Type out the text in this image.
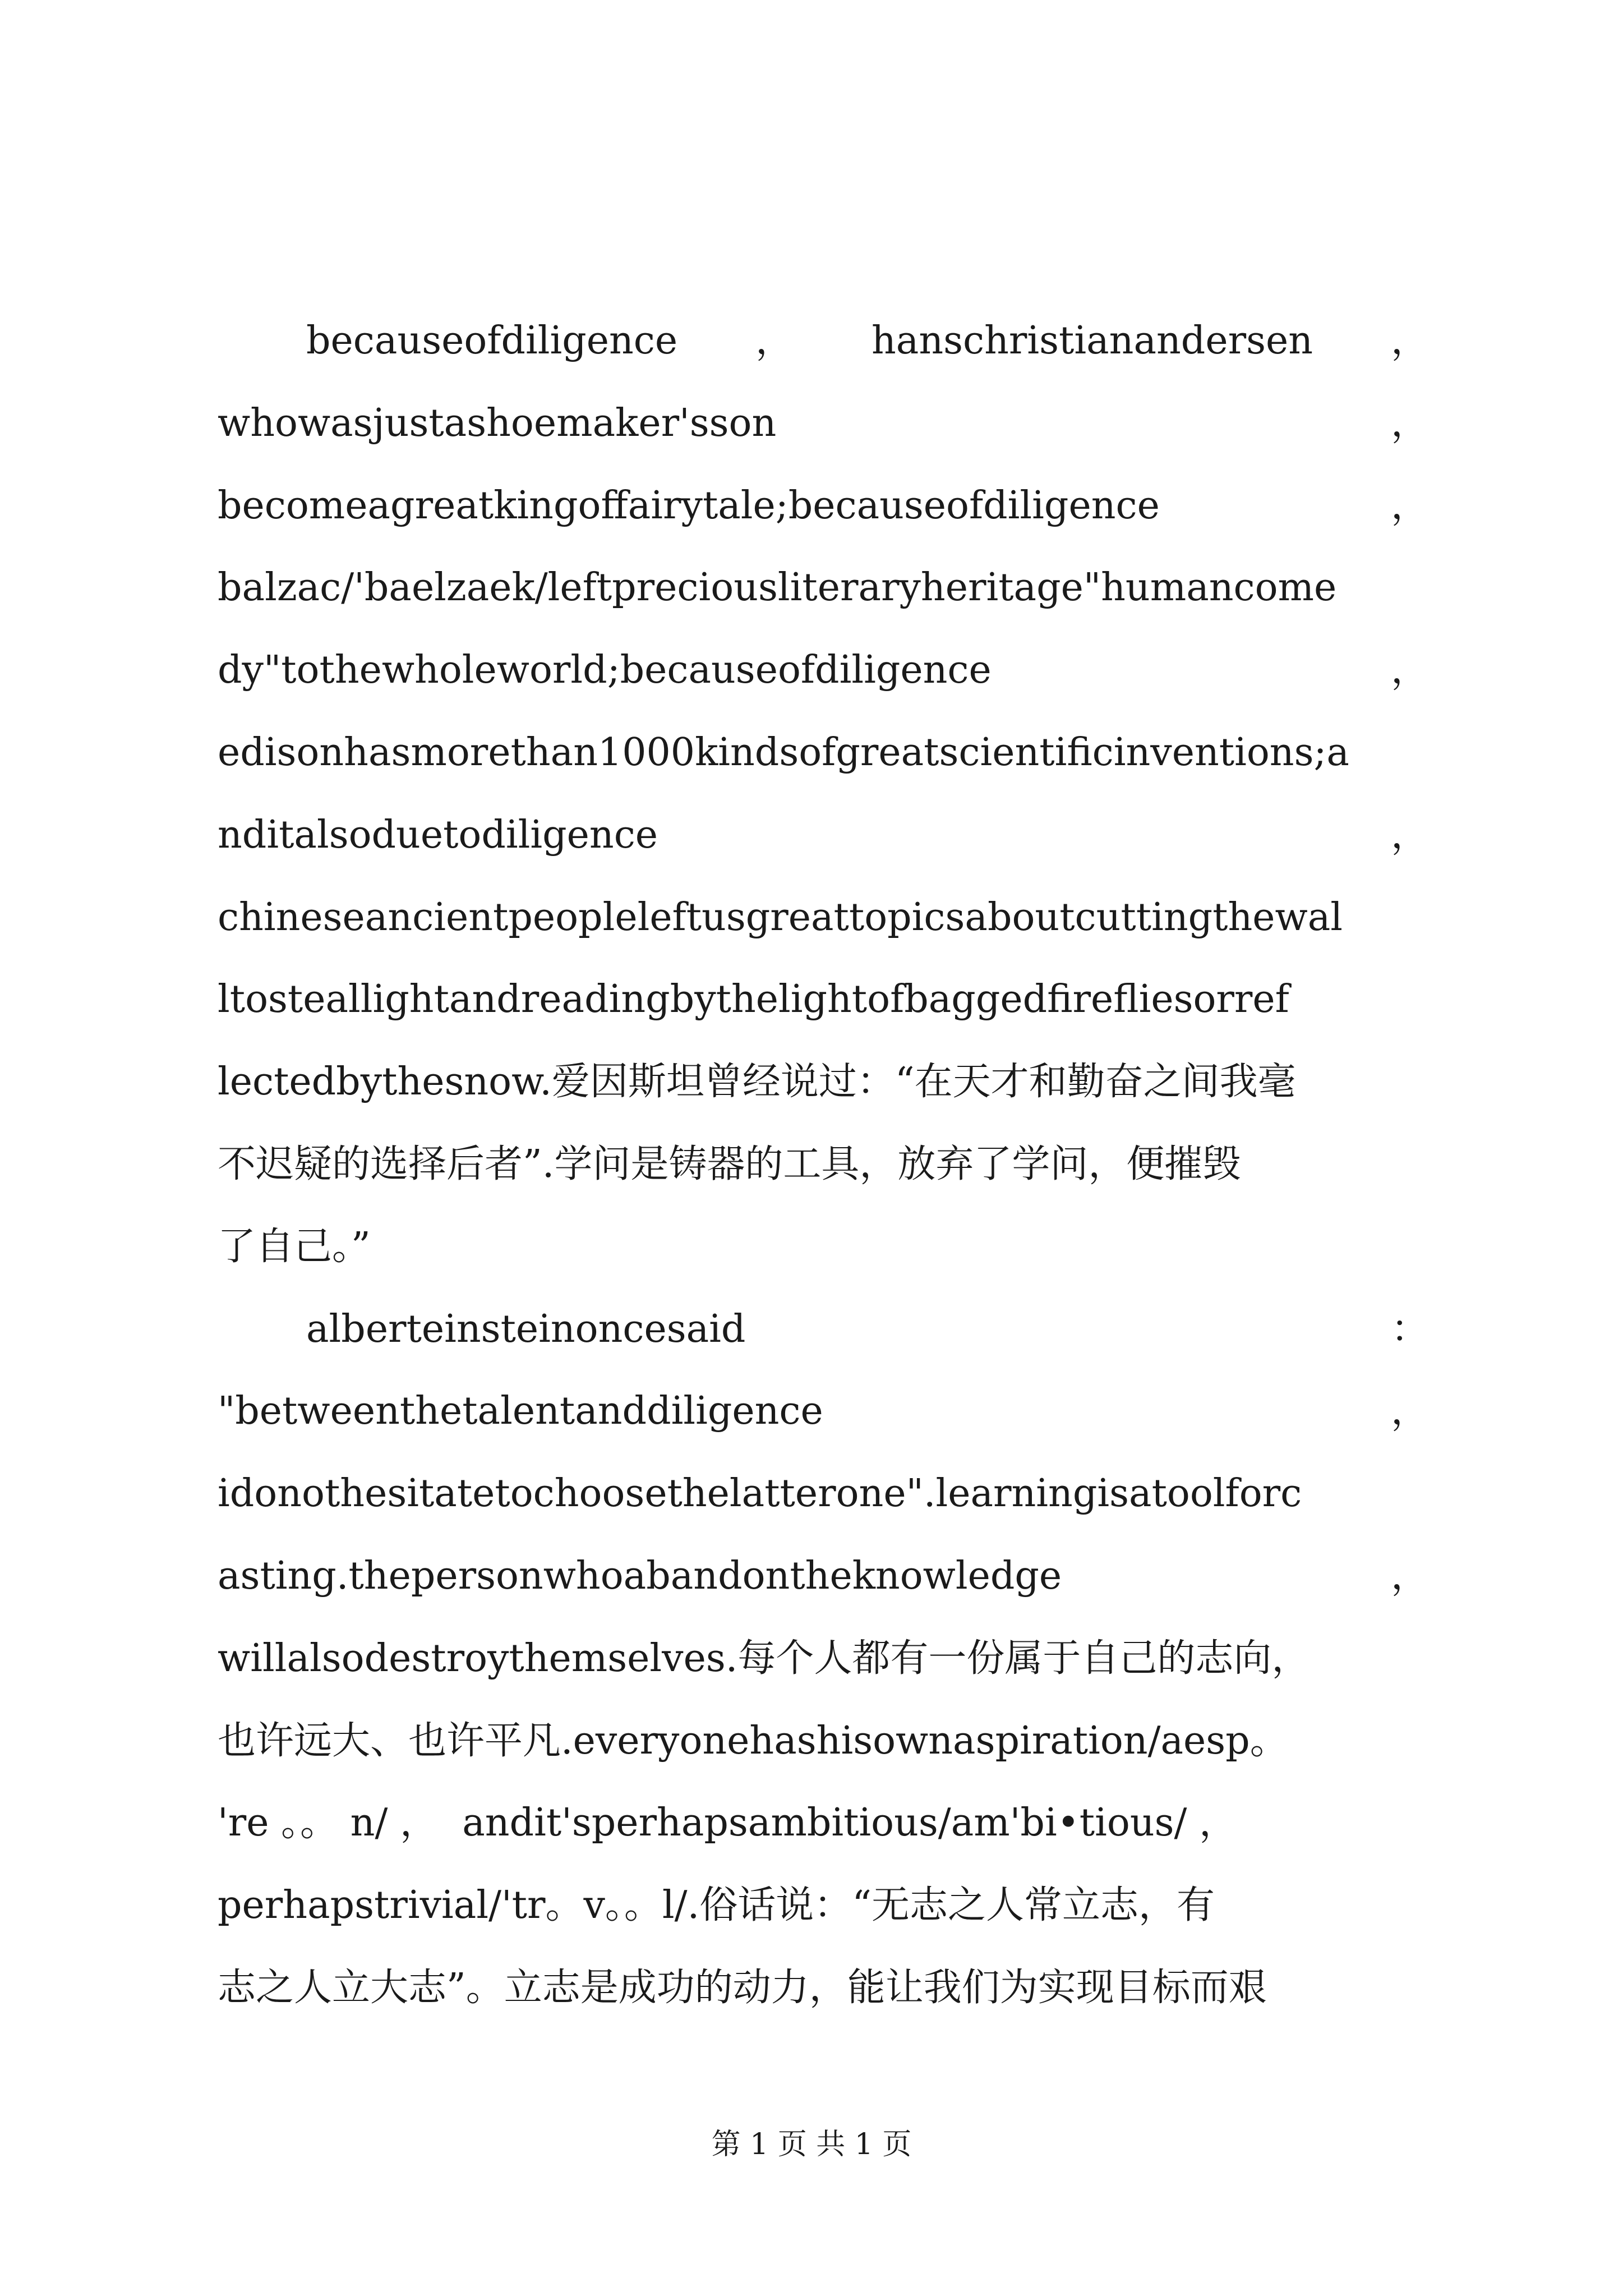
becauseofdiligence ， hanschristianandersen ，
whowasjustashoemaker'sson	，
becomeagreatkingoffairytale;becauseofdiligence	，
balzac/'baelzaek/leftpreciousliteraryheritage"humancome
dy"tothewholeworld;becauseofdiligence	，
edisonhasmorethan1000kindsofgreatscientificinventions;a
nditalsoduetodiligence	，
chineseancientpeopleleftusgreattopicsaboutcuttingthewal
ltosteallightandreadingbythelightofbaggedfirefliesorref
lectedbythesnow.爱因斯坦曾经说过：“在天才和勤奋之间我毫
不迟疑的选择后者”.学问是铸器的工具，放弃了学问，便摧毁
了自己。”
alberteinsteinoncesaid	：
"betweenthetalentanddiligence	，
idonothesitatetochoosethelatterone".learningisatoolforc
asting.thepersonwhoabandontheknowledge	，
willalsodestroythemselves.每个人都有一份属于自己的志向，
也许远大、也许平凡.everyonehashisownaspiration/aesp。
're 。。 n/ ，  andit'sperhapsambitious/am'bi•tious/ ，
perhapstrivial/'tr。v。。l/.俗话说：“无志之人常立志，有
志之人立大志”。立志是成功的动力，能让我们为实现目标而艰
第 1 页 共 1 页
